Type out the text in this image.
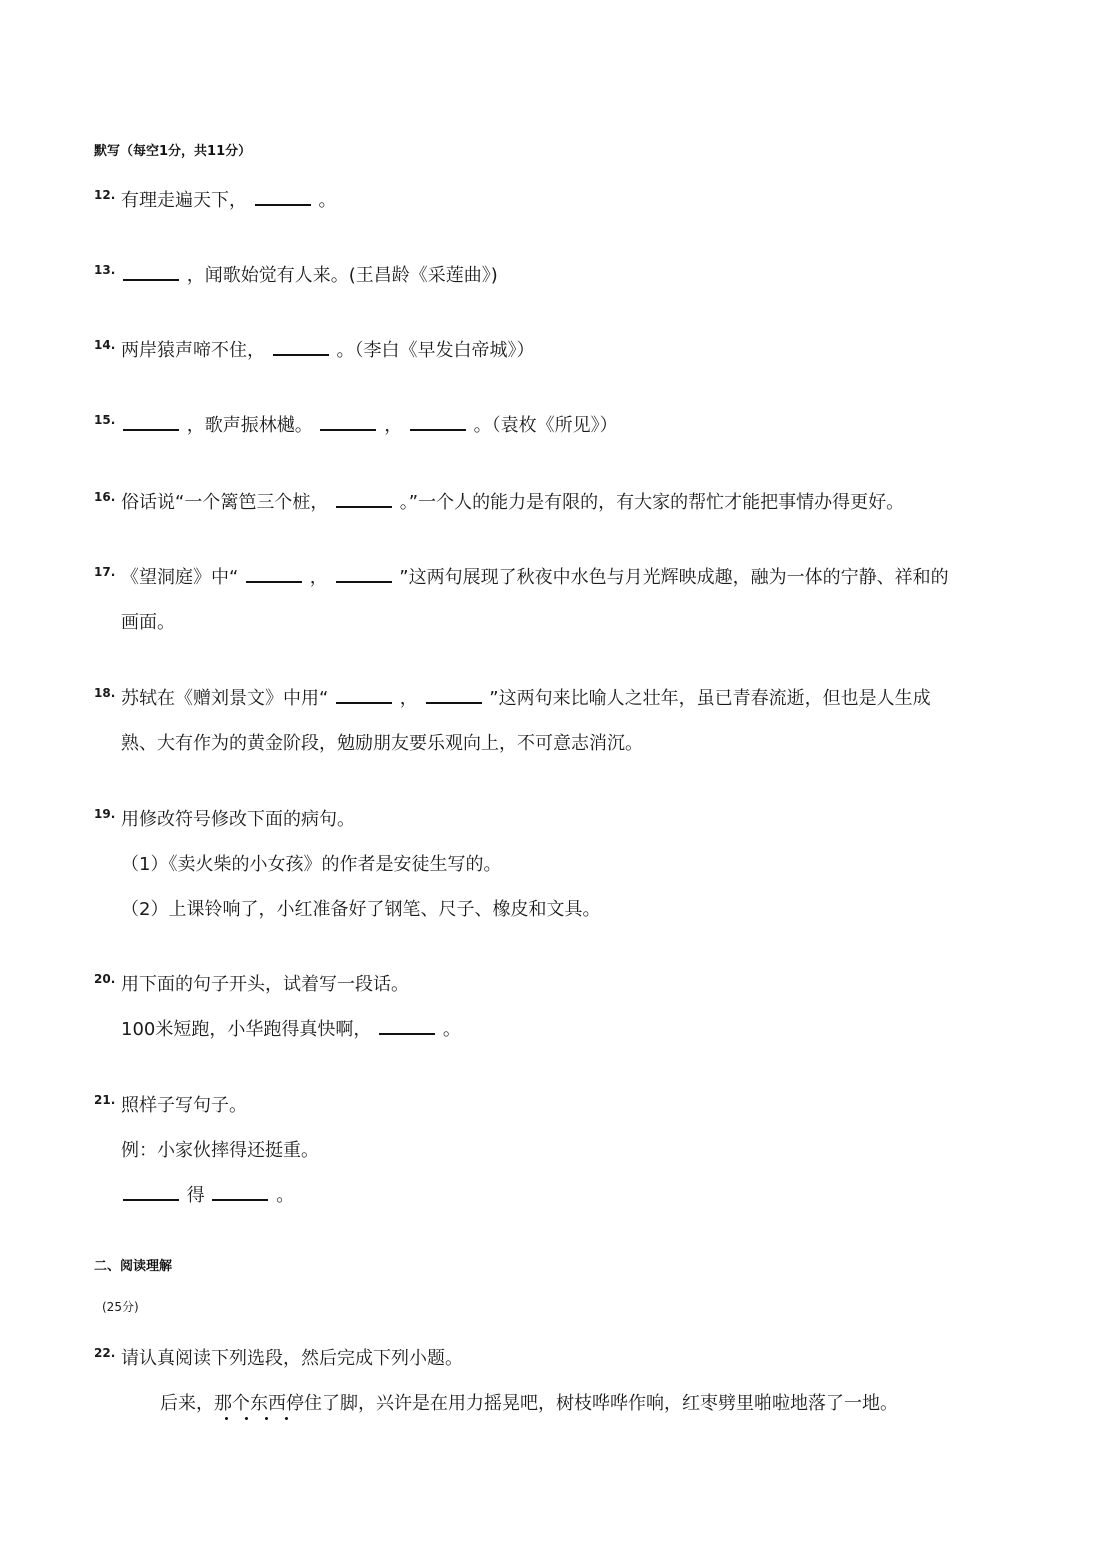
默写（每空1分，共11分）
12. 有理走遍天下，	。
13.	，闻歌始觉有人来。(王昌龄《采莲曲》)
14. 两岸猿声啼不住，	。（李白《早发白帝城》）
15.	，歌声振林樾。	，	。（袁枚《所见》）
16. 俗话说“一个篱笆三个桩，	。”一个人的能力是有限的，有大家的帮忙才能把事情办得更好。
17. 《望洞庭》中“	，	”这两句展现了秋夜中水色与月光辉映成趣，融为一体的宁静、祥和的
画面。
18. 苏轼在《赠刘景文》中用“	，	”这两句来比喻人之壮年，虽已青春流逝，但也是人生成
熟、大有作为的黄金阶段，勉励朋友要乐观向上，不可意志消沉。
19. 用修改符号修改下面的病句。
（1）《卖火柴的小女孩》的作者是安徒生写的。
（2）上课铃响了，小红准备好了钢笔、尺子、橡皮和文具。
20. 用下面的句子开头，试着写一段话。
100米短跑，小华跑得真快啊，	。
21. 照样子写句子。
例：小家伙摔得还挺重。
得	。
二、阅读理解
(25分)
22. 请认真阅读下列选段，然后完成下列小题。
后来，那个东西停住了脚，兴许是在用力摇晃吧，树枝哗哗作响，红枣劈里啪啦地落了一地。
